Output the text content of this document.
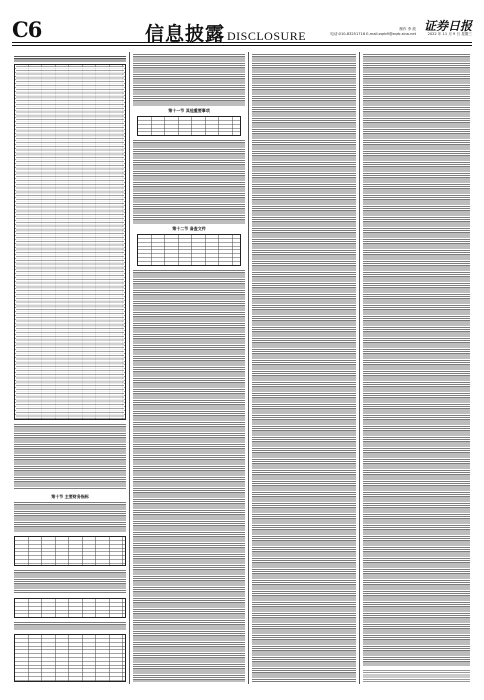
C6	信息披露 DISCLOSURE	电话:010-83251716 E-mail:zqrb9@zqrb.sina.net
制作 李 波 证券日报
2022 年 11 月 9 日 星期三
第十节 主要财务指标
第十一节 其他重要事项
第十二节 备查文件
